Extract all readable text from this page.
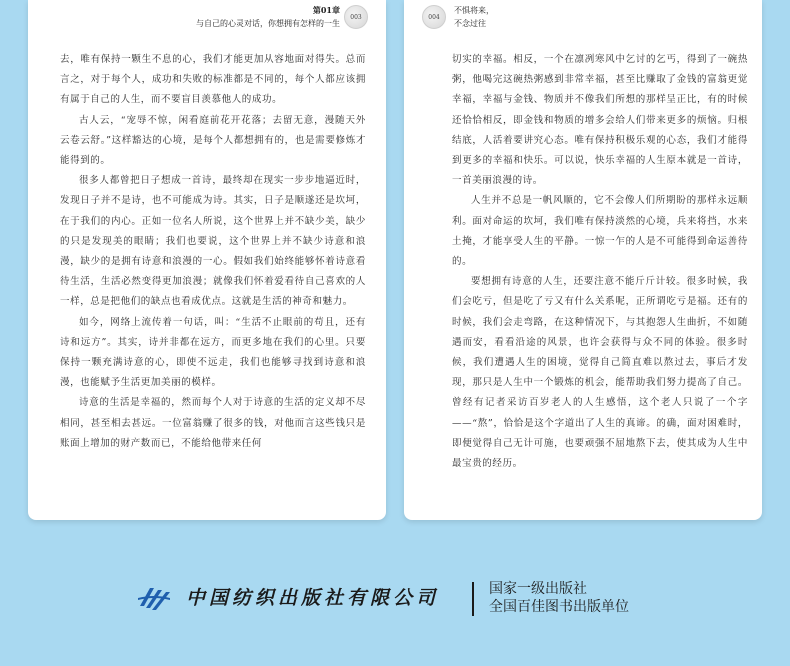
第01章
与自己的心灵对话，你想拥有怎样的一生
003

去，唯有保持一颗生不息的心，我们才能更加从容地面对得失。总而言之，对于每个人，成功和失败的标准都是不同的，每个人都应该拥有属于自己的人生，而不要盲目羡慕他人的成功。

古人云，“宠辱不惊，闲看庭前花开花落；去留无意，漫随天外云卷云舒。”这样豁达的心境，是每个人都想拥有的，也是需要修炼才能得到的。

很多人都曾把日子想成一首诗，最终却在现实一步步地逼近时，发现日子并不是诗，也不可能成为诗。其实，日子是顺遂还是坎坷，在于我们的内心。正如一位名人所说，这个世界上并不缺少美，缺少的只是发现美的眼睛；我们也要说，这个世界上并不缺少诗意和浪漫，缺少的是拥有诗意和浪漫的一心。假如我们始终能够怀着诗意看待生活，生活必然变得更加浪漫；就像我们怀着爱看待自己喜欢的人一样，总是把他们的缺点也看成优点。这就是生活的神奇和魅力。

如今，网络上流传着一句话，叫：“生活不止眼前的苟且，还有诗和远方”。其实，诗并非都在远方，而更多地在我们的心里。只要保持一颗充满诗意的心，即使不远走，我们也能够寻找到诗意和浪漫，也能赋予生活更加美丽的模样。

诗意的生活是幸福的，然而每个人对于诗意的生活的定义却不尽相同，甚至相去甚远。一位富翁赚了很多的钱，对他而言这些钱只是账面上增加的财产数而已，不能给他带来任何

004
不惧将来，
不念过往

切实的幸福。相反，一个在凛冽寒风中乞讨的乞丐，得到了一碗热粥，他喝完这碗热粥感到非常幸福，甚至比赚取了金钱的富翁更觉幸福，幸福与金钱、物质并不像我们所想的那样呈正比，有的时候还恰恰相反，即金钱和物质的增多会给人们带来更多的烦恼。归根结底，人活着要讲究心态。唯有保持积极乐观的心态，我们才能得到更多的幸福和快乐。可以说，快乐幸福的人生原本就是一首诗，一首美丽浪漫的诗。

人生并不总是一帆风顺的，它不会像人们所期盼的那样永远顺利。面对命运的坎坷，我们唯有保持淡然的心境，兵来将挡，水来土掩，才能享受人生的平静。一惊一乍的人是不可能得到命运善待的。

要想拥有诗意的人生，还要注意不能斤斤计较。很多时候，我们会吃亏，但是吃了亏又有什么关系呢，正所谓吃亏是福。还有的时候，我们会走弯路，在这种情况下，与其抱怨人生曲折，不如随遇而安，看看沿途的风景，也许会获得与众不同的体验。很多时候，我们遭遇人生的困境，觉得自己简直难以熬过去，事后才发现，那只是人生中一个锻炼的机会，能帮助我们努力提高了自己。曾经有记者采访百岁老人的人生感悟，这个老人只说了一个字——“熬”，恰恰是这个字道出了人生的真谛。的确，面对困难时，即便觉得自己无计可施，也要顽强不屈地熬下去，使其成为人生中最宝贵的经历。

中国纺织出版社有限公司	国家一级出版社
全国百佳图书出版单位
